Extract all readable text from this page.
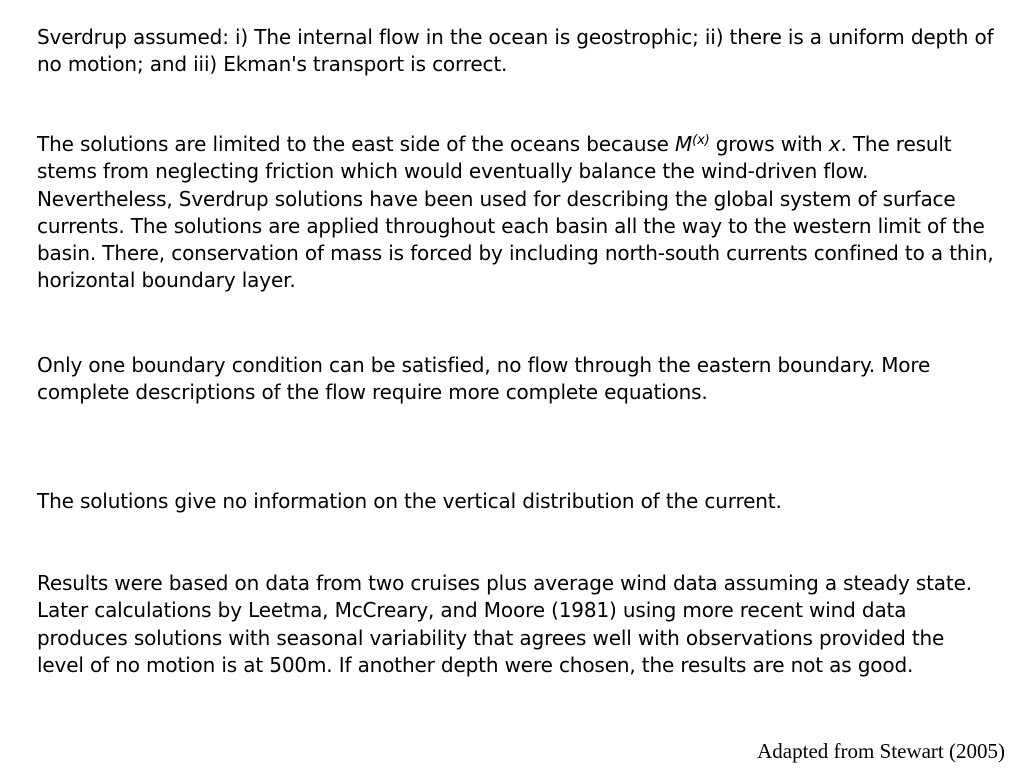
Sverdrup assumed: i) The internal flow in the ocean is geostrophic; ii) there is a uniform depth of no motion; and iii) Ekman's transport is correct.

The solutions are limited to the east side of the oceans because $M^{(x)}$ grows with x. The result stems from neglecting friction which would eventually balance the wind-driven flow. Nevertheless, Sverdrup solutions have been used for describing the global system of surface currents. The solutions are applied throughout each basin all the way to the western limit of the basin. There, conservation of mass is forced by including north-south currents confined to a thin, horizontal boundary layer.

Only one boundary condition can be satisfied, no flow through the eastern boundary. More complete descriptions of the flow require more complete equations.

The solutions give no information on the vertical distribution of the current.

Results were based on data from two cruises plus average wind data assuming a steady state. Later calculations by Leetma, McCreary, and Moore (1981) using more recent wind data produces solutions with seasonal variability that agrees well with observations provided the level of no motion is at 500m. If another depth were chosen, the results are not as good.

Adapted from Stewart (2005)
